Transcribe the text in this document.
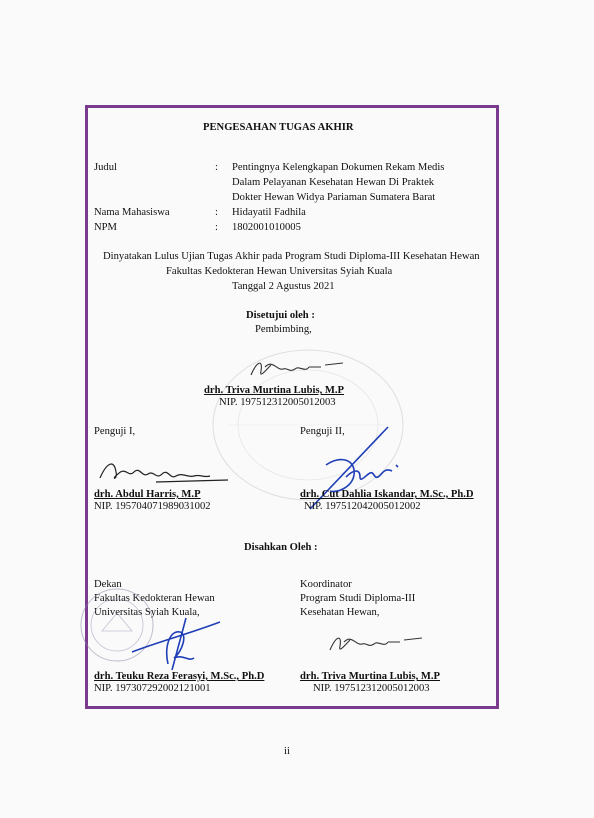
PENGESAHAN TUGAS AKHIR
Judul	: Pentingnya Kelengkapan Dokumen Rekam Medis
Dalam Pelayanan Kesehatan Hewan Di Praktek
Dokter Hewan Widya Pariaman Sumatera Barat
Nama Mahasiswa	: Hidayatil Fadhila
NPM	: 1802001010005
Dinyatakan Lulus Ujian Tugas Akhir pada Program Studi Diploma-III Kesehatan Hewan
Fakultas Kedokteran Hewan Universitas Syiah Kuala
Tanggal 2 Agustus 2021
Disetujui oleh :
Pembimbing,
drh. Triva Murtina Lubis, M.P
NIP. 197512312005012003
Penguji I,	Penguji II,
drh. Abdul Harris, M.P
NIP. 195704071989031002
drh. Cut Dahlia Iskandar, M.Sc., Ph.D
NIP. 197512042005012002
Disahkan Oleh :
Dekan
Fakultas Kedokteran Hewan
Universitas Syiah Kuala,
drh. Teuku Reza Ferasyi, M.Sc., Ph.D
NIP. 197307292002121001
Koordinator
Program Studi Diploma-III
Kesehatan Hewan,
drh. Triva Murtina Lubis, M.P
NIP. 197512312005012003
ii
